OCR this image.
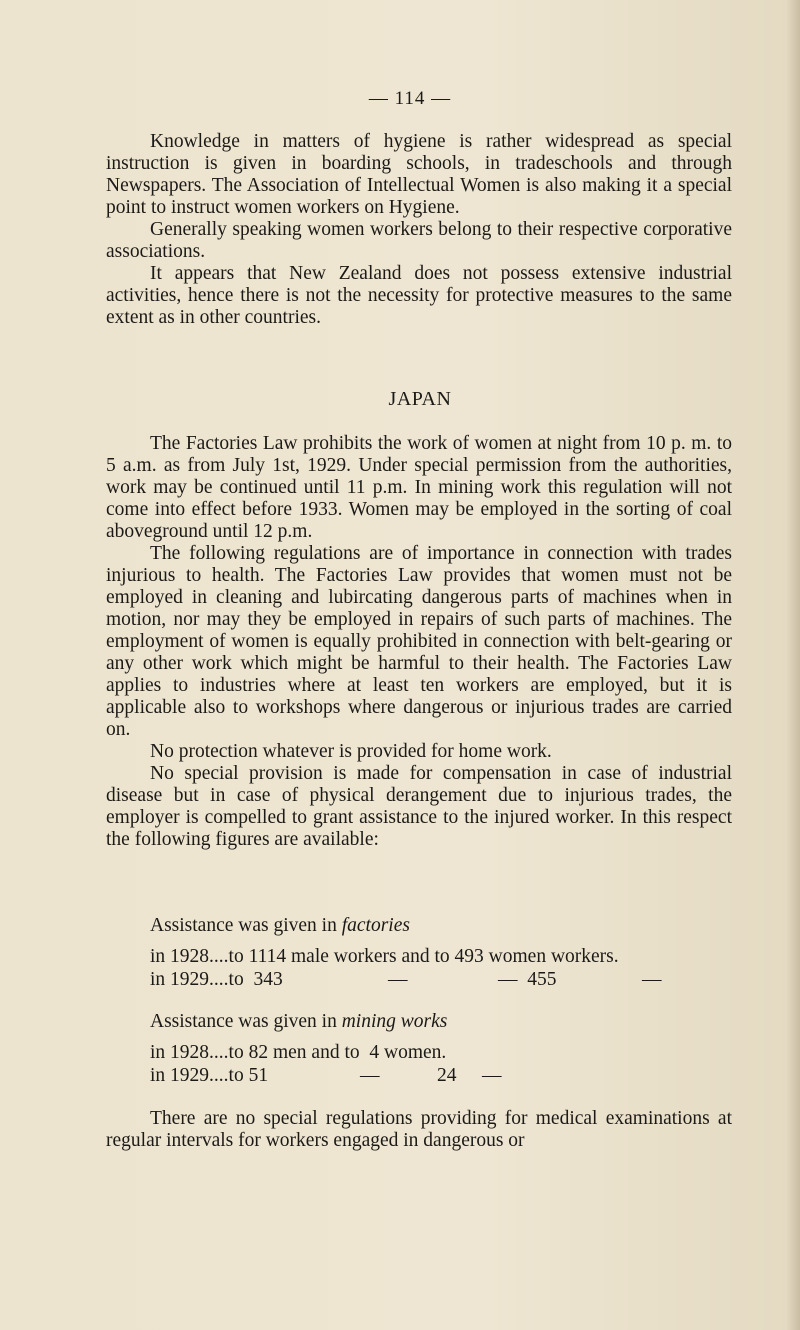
— 114 —

Knowledge in matters of hygiene is rather widespread as special instruction is given in boarding schools, in tradeschools and through Newspapers. The Association of Intellectual Women is also making it a special point to instruct women workers on Hygiene.

Generally speaking women workers belong to their respective corporative associations.

It appears that New Zealand does not possess extensive industrial activities, hence there is not the necessity for protective measures to the same extent as in other countries.

JAPAN

The Factories Law prohibits the work of women at night from 10 p. m. to 5 a.m. as from July 1st, 1929. Under special permission from the authorities, work may be continued until 11 p.m. In mining work this regulation will not come into effect before 1933. Women may be employed in the sorting of coal aboveground until 12 p.m.

The following regulations are of importance in connection with trades injurious to health. The Factories Law provides that women must not be employed in cleaning and lubircating dangerous parts of machines when in motion, nor may they be employed in repairs of such parts of machines. The employment of women is equally prohibited in connection with belt-gearing or any other work which might be harmful to their health. The Factories Law applies to industries where at least ten workers are employed, but it is applicable also to workshops where dangerous or injurious trades are carried on.

No protection whatever is provided for home work.

No special provision is made for compensation in case of industrial disease but in case of physical derangement due to injurious trades, the employer is compelled to grant assistance to the injured worker. In this respect the following figures are available:

Assistance was given in factories
in 1928....to 1114 male workers and to 493 women workers.
in 1929....to  343	—	—  455	—
Assistance was given in mining works
in 1928....to 82 men and to  4 women.
in 1929....to 51	—	24 —

There are no special regulations providing for medical examinations at regular intervals for workers engaged in dangerous or
